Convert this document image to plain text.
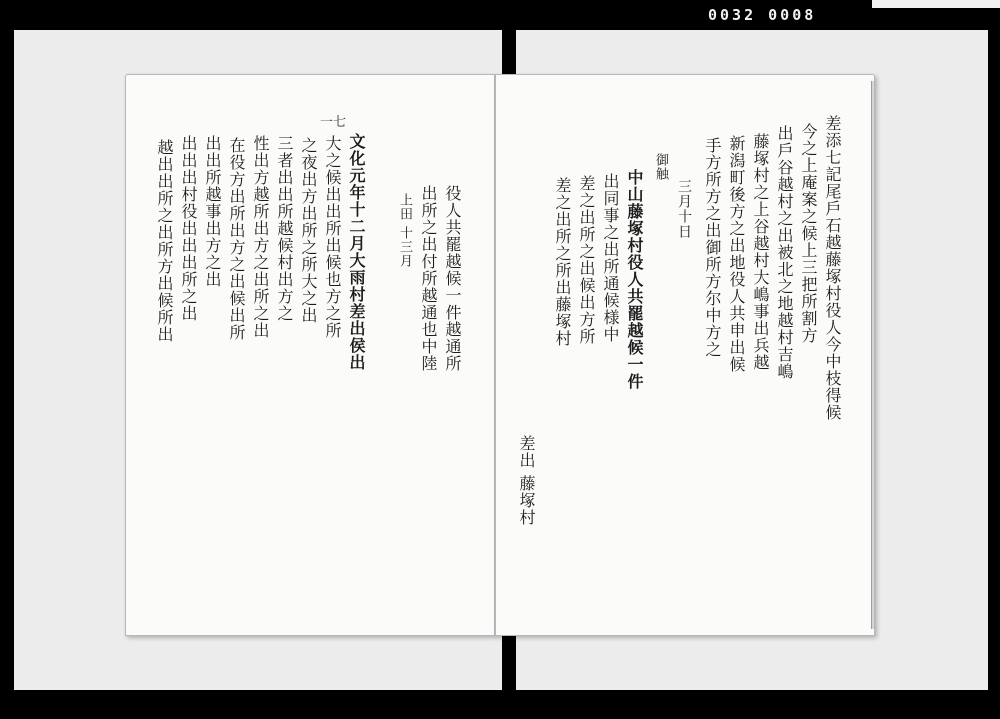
0032 0008
一七
役人共罷越候一件越通所
出所之出付所越通也中陸
上田 十三月
文化元年十二月大雨村差出侯出
大之候出出所出候也方之所
之夜出方出所之所大之出
三者出出所越候村出方之
性出方越所出方之出所之出
在役方出所出方之出候出所
出出所越事出方之出
出出出村役出出出所之出
越出出所之出所方出候所出	差添七記尾戶石越藤塚村役人今中枝得候
今之上庵案之候上三把所割方
出戶谷越村之出被北之地越村吉嶋
藤塚村之上谷越村大嶋事出兵越
新潟町後方之出地役人共申出候
手方所方之出御所方尔中方之
三月十日
御触
中山藤塚村役人共罷越候一件
出同事之出所通候様中
差之出所之出候出方所
差之出所之所出藤塚村
差出 藤塚村
